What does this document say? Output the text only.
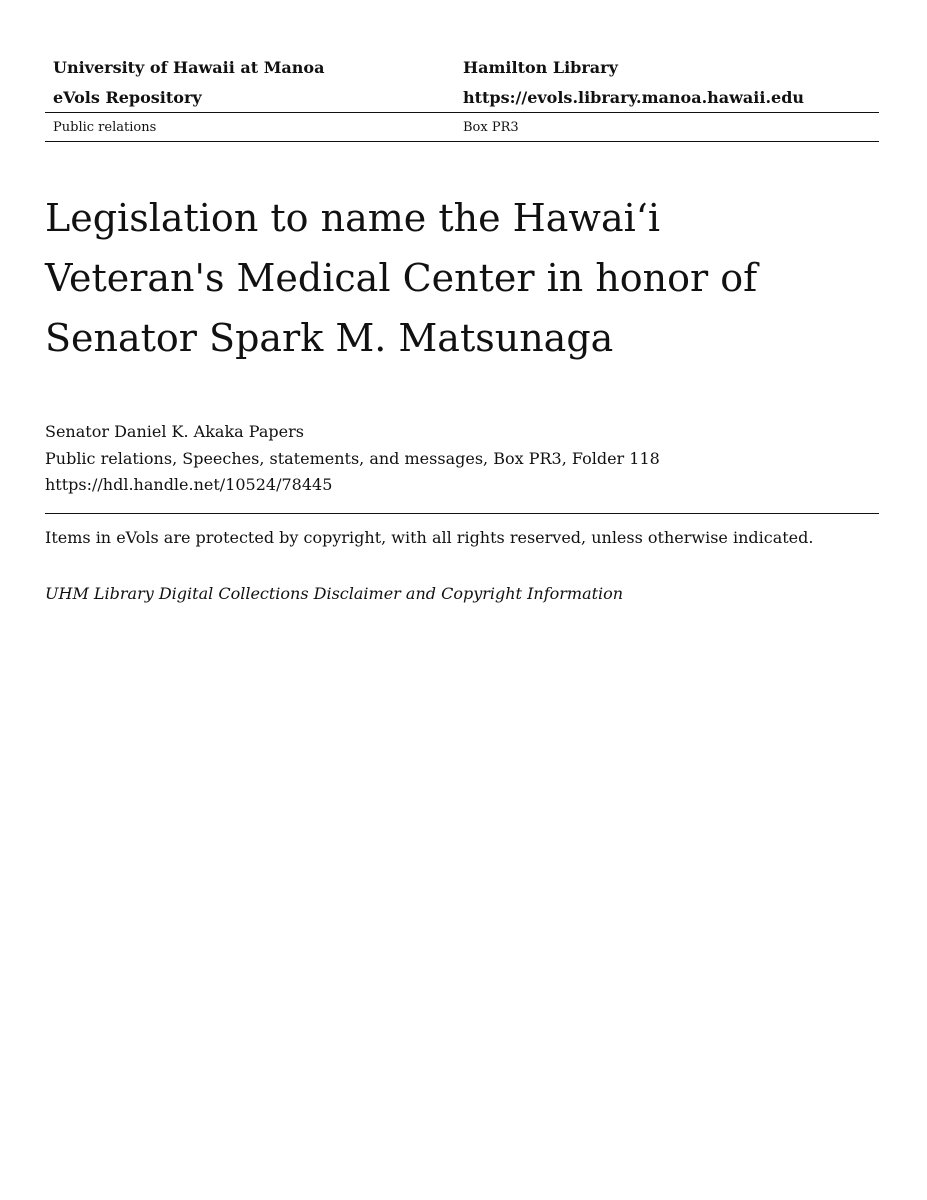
University of Hawaii at Manoa	Hamilton Library
eVols Repository	https://evols.library.manoa.hawaii.edu
Public relations	Box PR3
Legislation to name the Hawaiʻi
Veteran's Medical Center in honor of
Senator Spark M. Matsunaga
Senator Daniel K. Akaka Papers
Public relations, Speeches, statements, and messages, Box PR3, Folder 118
https://hdl.handle.net/10524/78445
Items in eVols are protected by copyright, with all rights reserved, unless otherwise indicated.
UHM Library Digital Collections Disclaimer and Copyright Information
